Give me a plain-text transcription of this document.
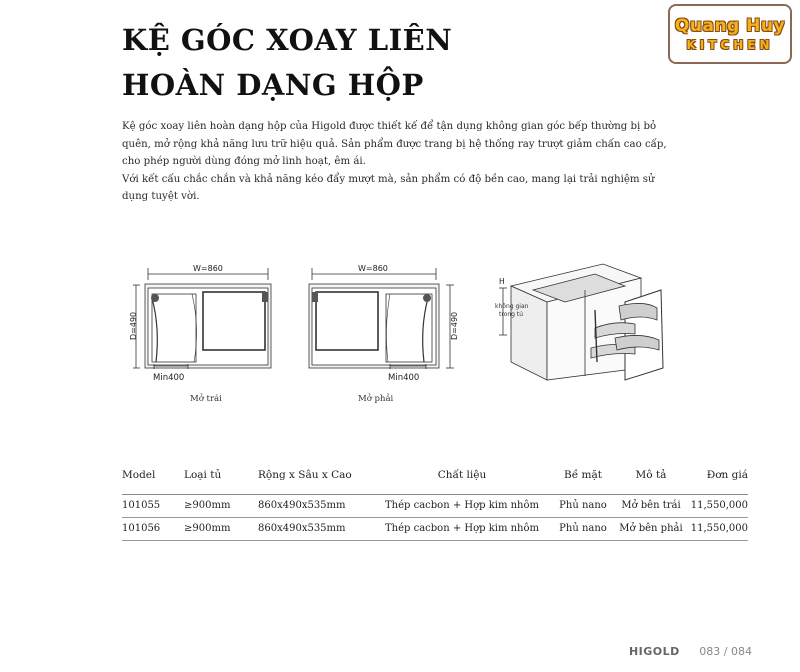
KỆ GÓC XOAY LIÊN
HOÀN DẠNG HỘP
Quang Huy
KITCHEN
Kệ góc xoay liên hoàn dạng hộp của Higold được thiết kế để tận dụng không gian góc bếp thường bị bỏ quên, mở rộng khả năng lưu trữ hiệu quả. Sản phẩm được trang bị hệ thống ray trượt giảm chấn cao cấp, cho phép người dùng đóng mở linh hoạt, êm ái.
Với kết cấu chắc chắn và khả năng kéo đẩy mượt mà, sản phẩm có độ bền cao, mang lại trải nghiệm sử dụng tuyệt vời.
W=860
D=490
Min400
Mở trái
W=860
D=490
Min400
Mở phải
H
không gian
trong tủ
Model	Loại tủ	Rộng x Sâu x Cao	Chất liệu	Bề mặt	Mô tả	Đơn giá
101055	≥900mm	860x490x535mm	Thép cacbon + Hợp kim nhôm	Phủ nano	Mở bên trái	11,550,000
101056	≥900mm	860x490x535mm	Thép cacbon + Hợp kim nhôm	Phủ nano	Mở bên phải	11,550,000
HIGOLD 083 / 084
